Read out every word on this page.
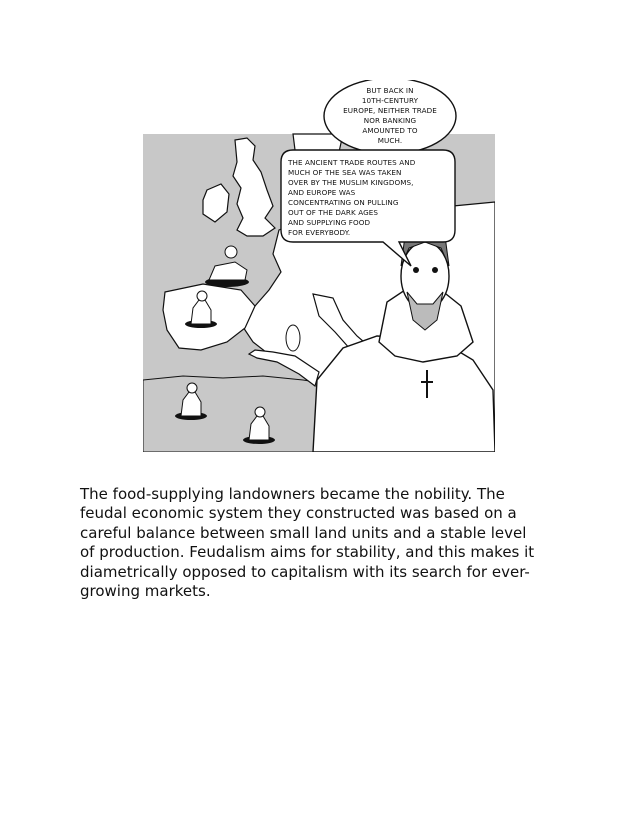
BUT BACK IN
10TH-CENTURY
EUROPE, NEITHER TRADE
NOR BANKING
AMOUNTED TO
MUCH.
THE ANCIENT TRADE ROUTES AND
MUCH OF THE SEA WAS TAKEN
OVER BY THE MUSLIM KINGDOMS,
AND EUROPE WAS
CONCENTRATING ON PULLING
OUT OF THE DARK AGES
AND SUPPLYING FOOD
FOR EVERYBODY.
The food-supplying landowners became the nobility. The
feudal economic system they constructed was based on a
careful balance between small land units and a stable level
of production. Feudalism aims for stability, and this makes it
diametrically opposed to capitalism with its search for ever-
growing markets.
